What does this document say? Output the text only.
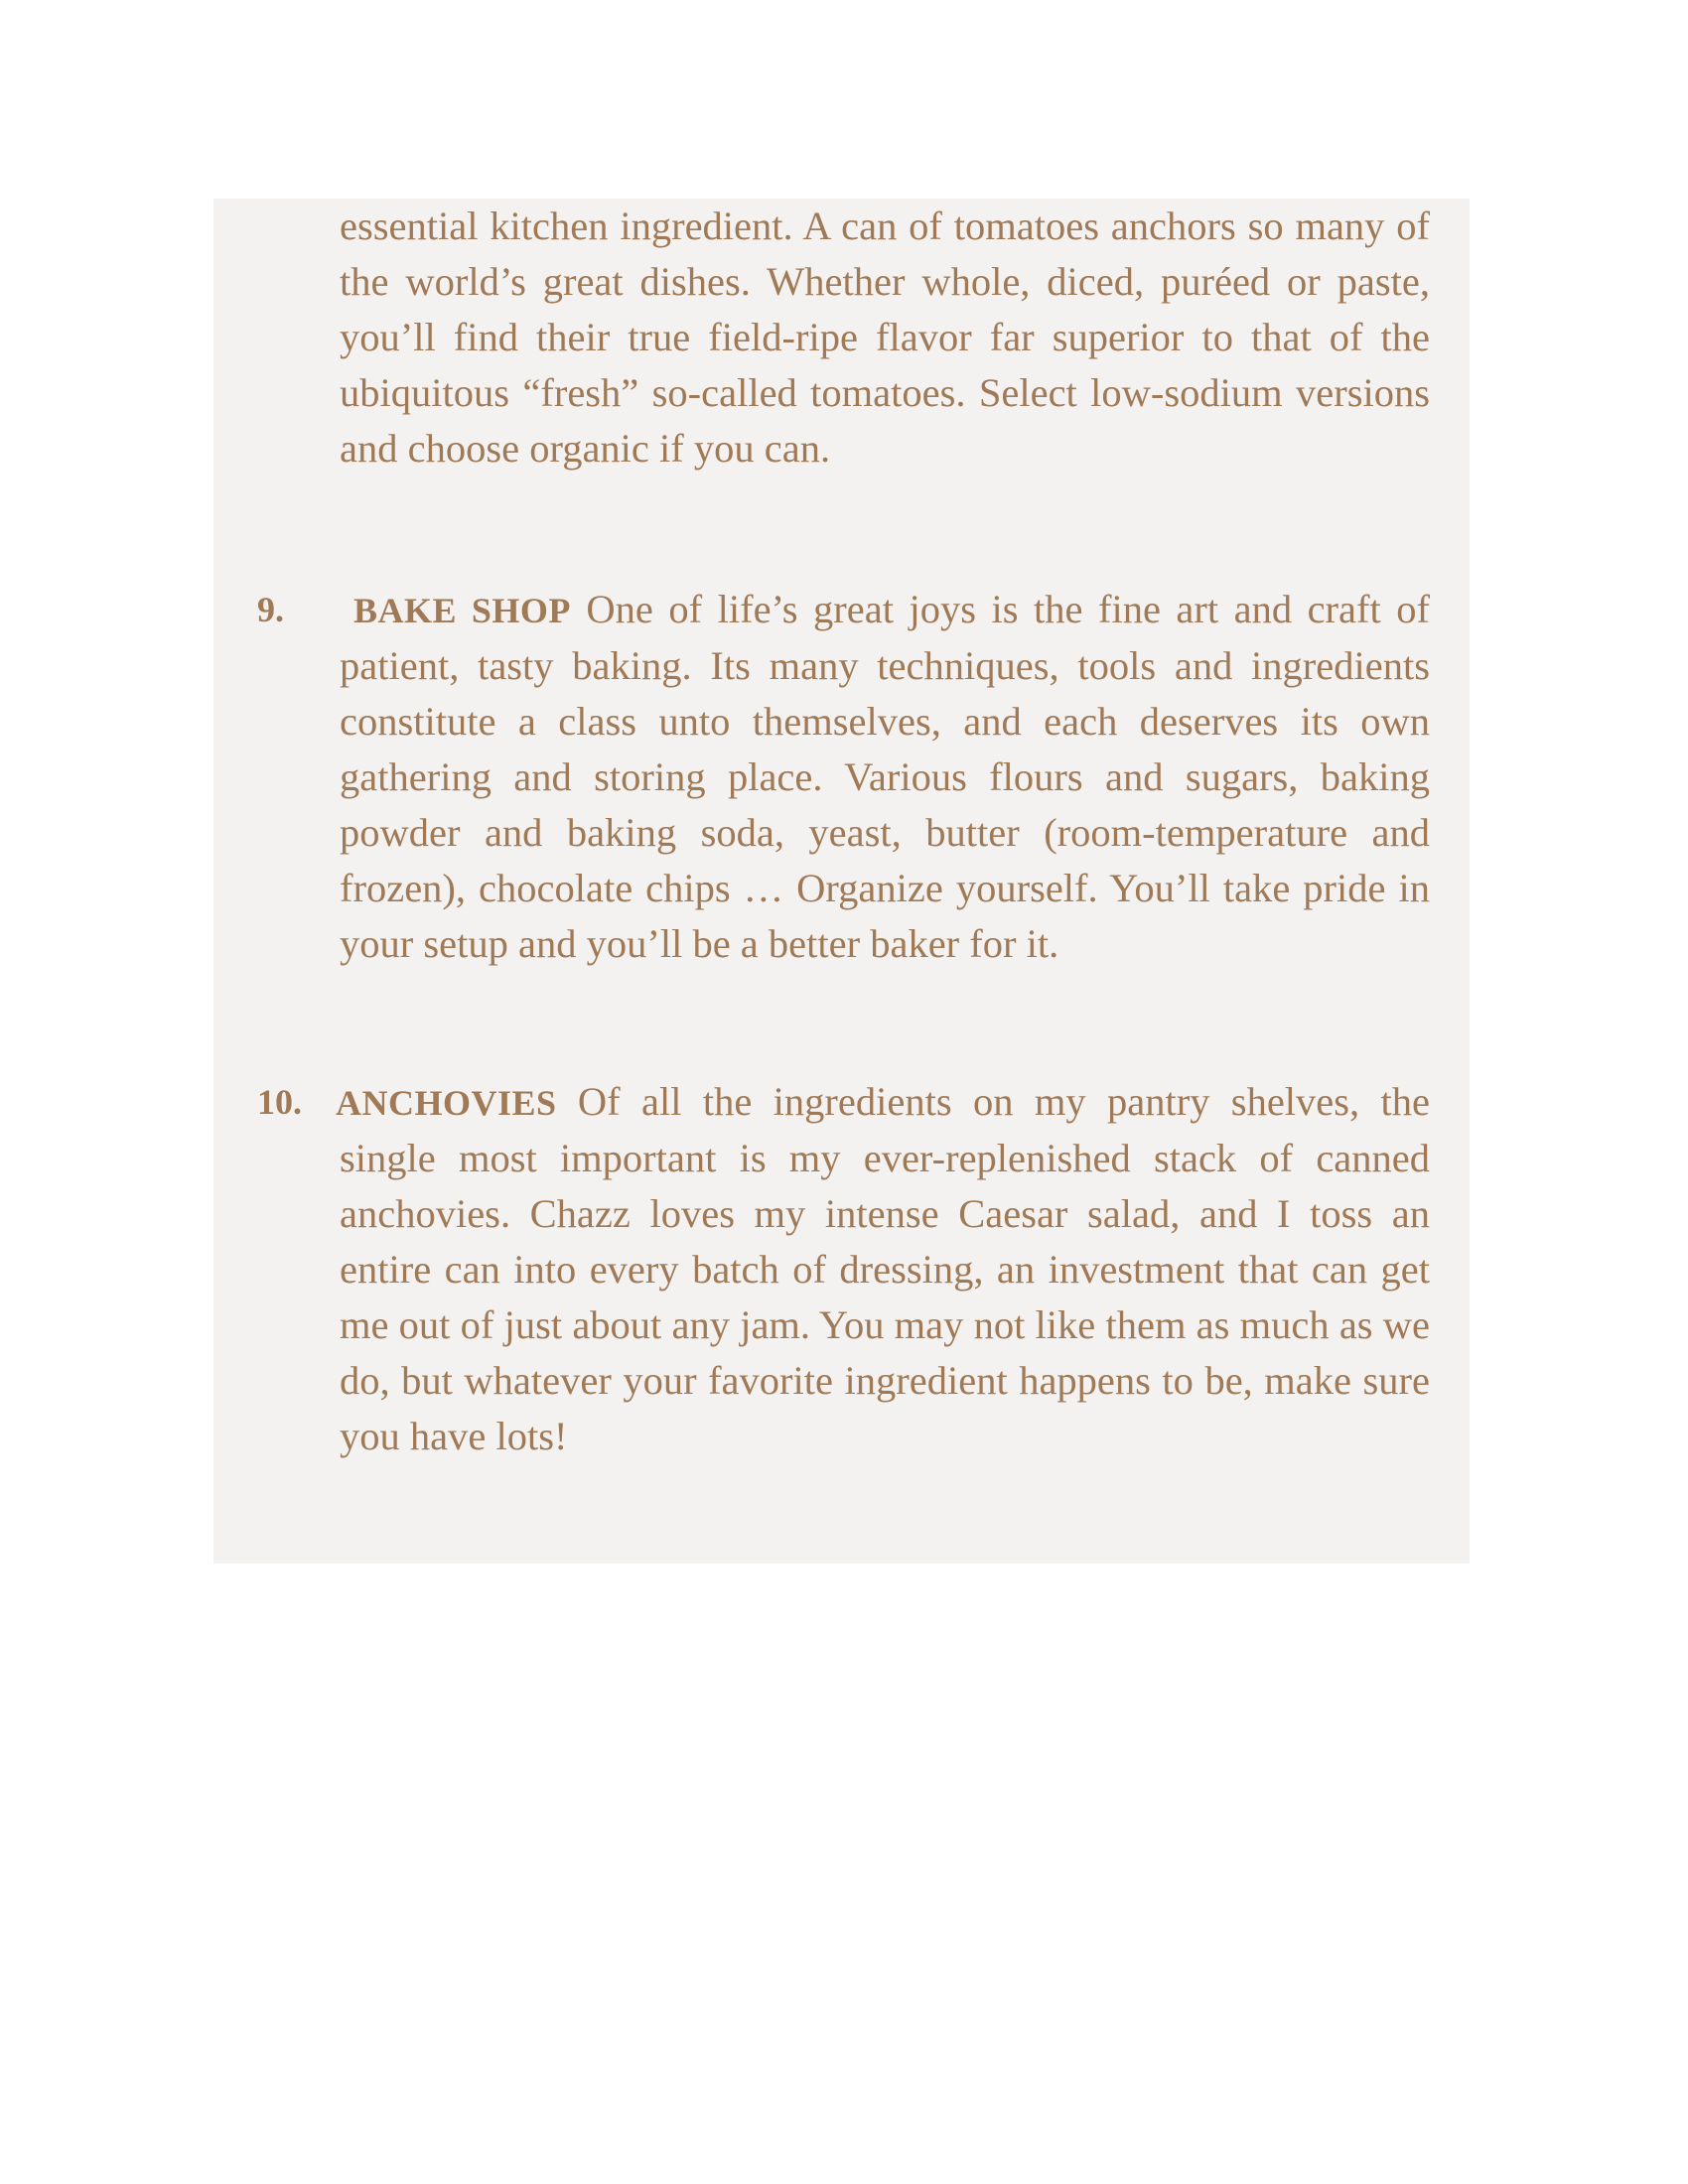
essential kitchen ingredient. A can of tomatoes anchors so many of the world’s great dishes. Whether whole, diced, puréed or paste, you’ll find their true field-ripe flavor far superior to that of the ubiquitous “fresh” so-called tomatoes. Select low-sodium versions and choose organic if you can.

9.	BAKE SHOP One of life’s great joys is the fine art and craft of patient, tasty baking. Its many techniques, tools and ingredients constitute a class unto themselves, and each deserves its own gathering and storing place. Various flours and sugars, baking powder and baking soda, yeast, butter (room-temperature and frozen), chocolate chips … Organize yourself. You’ll take pride in your setup and you’ll be a better baker for it.

10. ANCHOVIES Of all the ingredients on my pantry shelves, the single most important is my ever-replenished stack of canned anchovies. Chazz loves my intense Caesar salad, and I toss an entire can into every batch of dressing, an investment that can get me out of just about any jam. You may not like them as much as we do, but whatever your favorite ingredient happens to be, make sure you have lots!
